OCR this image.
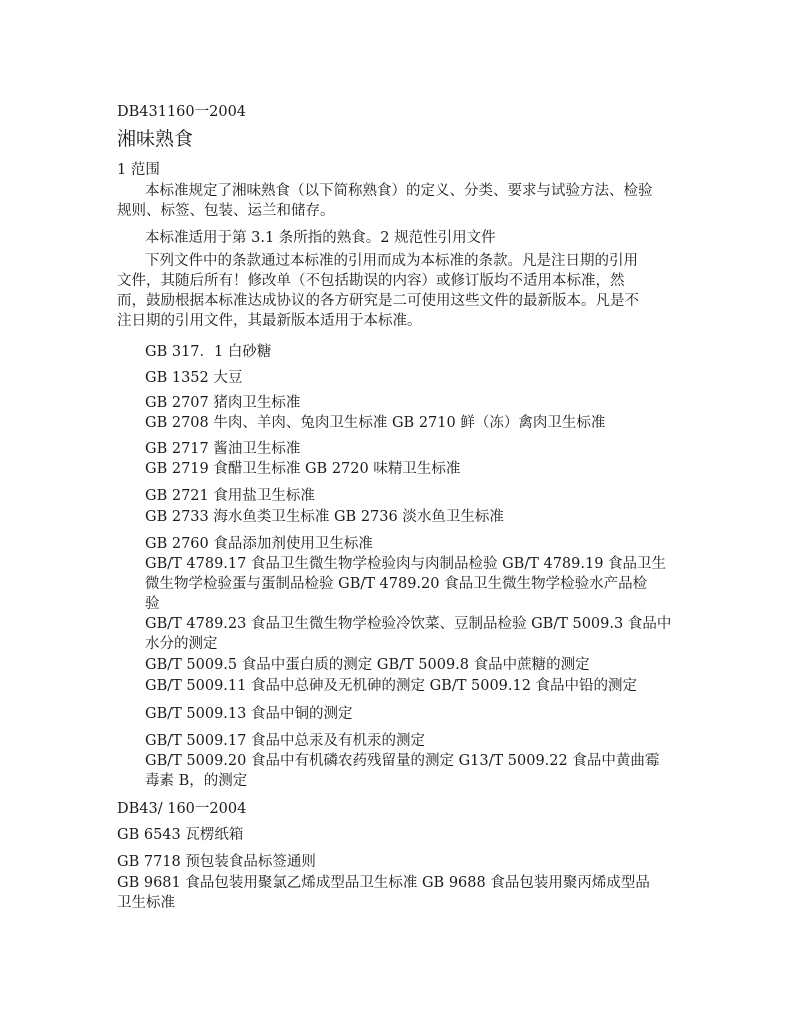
DB431160一2004
湘味熟食
1 范围
本标准规定了湘味熟食（以下简称熟食）的定义、分类、要求与试验方法、检验
规则、标签、包装、运兰和储存。
本标准适用于第 3.1 条所指的熟食。2 规范性引用文件
下列文件中的条款通过本标准的引用而成为本标准的条款。凡是注日期的引用
文件，其随后所有！修改单（不包括勘误的内容）或修订版均不适用本标准，然
而，鼓励根据本标准达成协议的各方研究是二可使用这些文件的最新版本。凡是不
注日期的引用文件，其最新版本适用于本标准。
GB 317．1 白砂糖
GB 1352 大豆
GB 2707 猪肉卫生标准
GB 2708 牛肉、羊肉、兔肉卫生标准 GB 2710 鲜（冻）禽肉卫生标准
GB 2717 酱油卫生标准
GB 2719 食醋卫生标准 GB 2720 味精卫生标准
GB 2721 食用盐卫生标准
GB 2733 海水鱼类卫生标准 GB 2736 淡水鱼卫生标准
GB 2760 食品添加剂使用卫生标准
GB/T 4789.17 食品卫生微生物学检验肉与肉制品检验 GB/T 4789.19 食品卫生
微生物学检验蛋与蛋制品检验 GB/T 4789.20 食品卫生微生物学检验水产品检
验
GB/T 4789.23 食品卫生微生物学检验冷饮菜、豆制品检验 GB/T 5009.3 食品中
水分的测定
GB/T 5009.5 食品中蛋白质的测定 GB/T 5009.8 食品中蔗糖的测定
GB/T 5009.11 食品中总砷及无机砷的测定 GB/T 5009.12 食品中铅的测定
GB/T 5009.13 食品中铜的测定
GB/T 5009.17 食品中总汞及有机汞的测定
GB/T 5009.20 食品中有机磷农药残留量的测定 G13/T 5009.22 食品中黄曲霉
毒素 B，的测定
DB43/ 160一2004
GB 6543 瓦楞纸箱
GB 7718 预包装食品标签通则
GB 9681 食品包装用聚氯乙烯成型品卫生标准 GB 9688 食品包装用聚丙烯成型品
卫生标准
